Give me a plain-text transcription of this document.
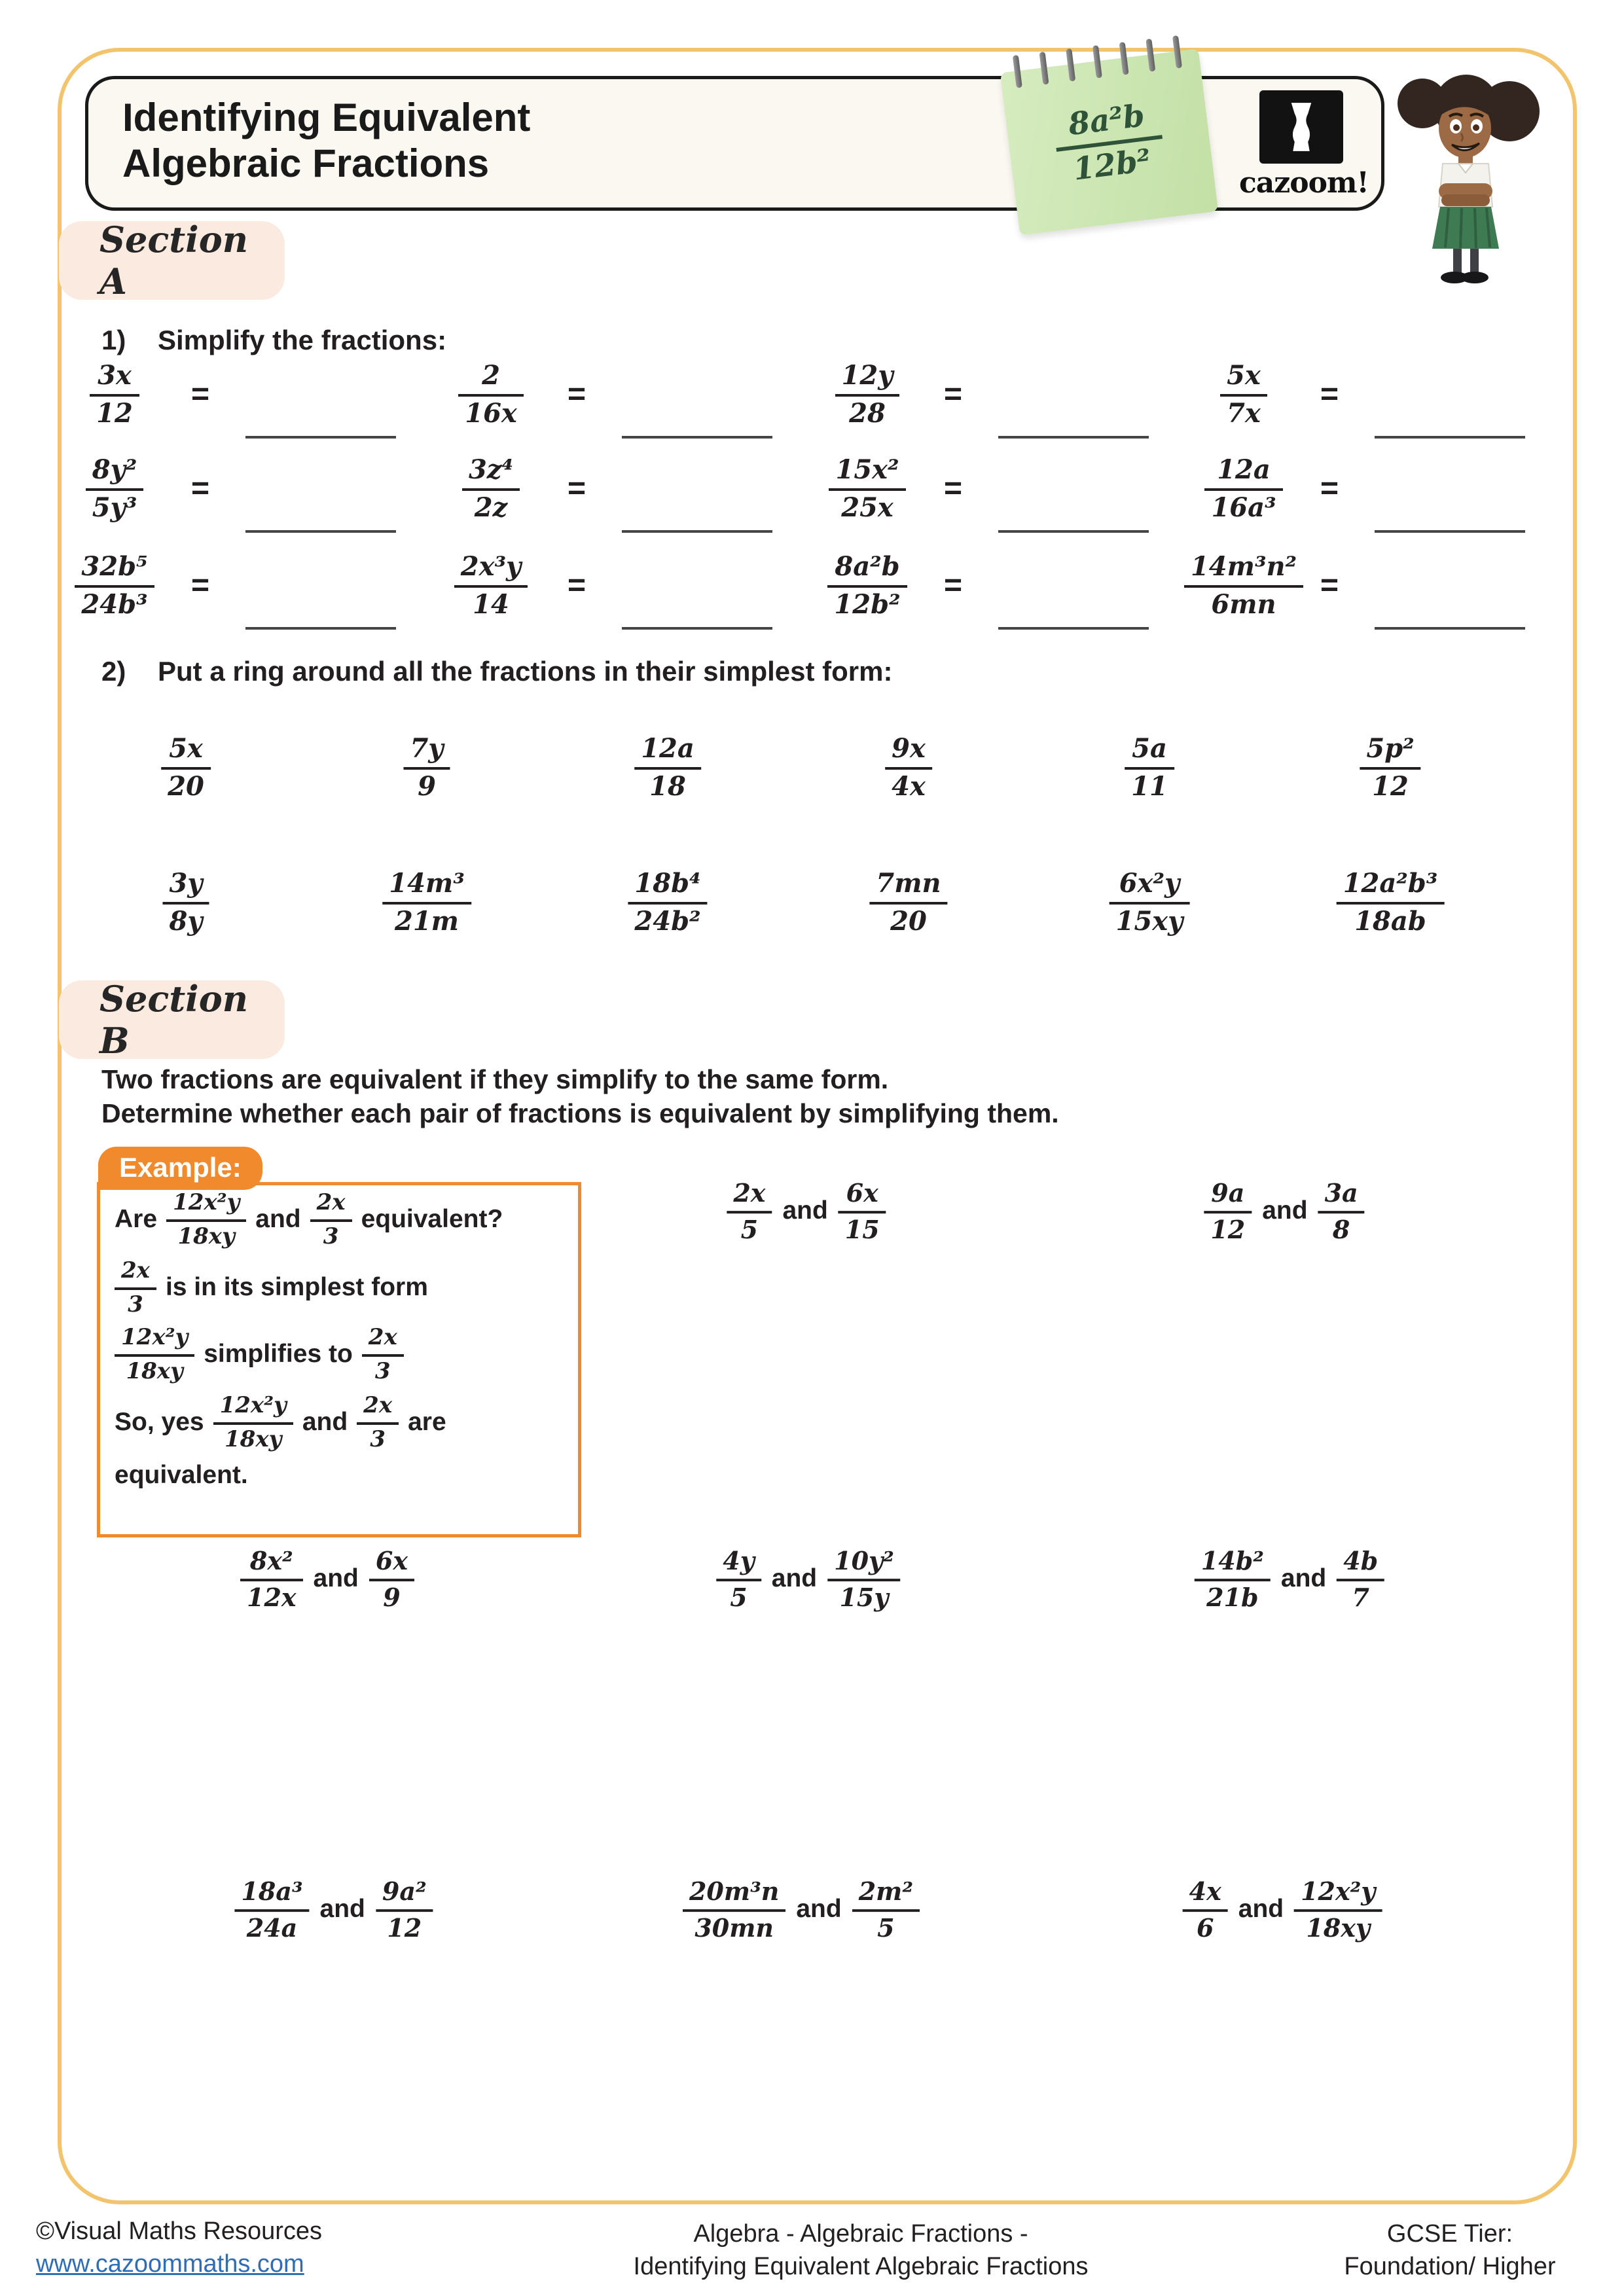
Identifying Equivalent
Algebraic Fractions
8a²b
12b²	cazoom!
Section A
1) Simplify the fractions:
$\frac{3x}{12}$ =	$\frac{2}{16x}$ =	$\frac{12y}{28}$ =	$\frac{5x}{7x}$ =
$\frac{\text{8y²}}{\text{5y³}}$ =	$\frac{\text{3z⁴}}{2z}$ =	$\frac{\text{15x²}}{25x}$ =	$\frac{12a}{\text{16a³}}$ =
$\frac{\text{32b⁵}}{\text{24b³}}$ =	$\frac{\text{2x³y}}{14}$ =	$\frac{\text{8a²b}}{\text{12b²}}$ =	$\frac{\text{14m³n²}}{6mn}$ =
2) Put a ring around all the fractions in their simplest form:
$\frac{5x}{20}$	$\frac{7y}{9}$	$\frac{12a}{18}$	$\frac{9x}{4x}$	$\frac{5a}{11}$	$\frac{\text{5p²}}{12}$
$\frac{3y}{8y}$	$\frac{\text{14m³}}{21m}$	$\frac{\text{18b⁴}}{\text{24b²}}$	$\frac{7mn}{20}$	$\frac{\text{6x²y}}{15xy}$	$\frac{\text{12a²b³}}{18ab}$
Section B
Two fractions are equivalent if they simplify to the same form.
Determine whether each pair of fractions is equivalent by simplifying them.
Example:
Are $\frac{\text{12x²y}}{18xy}$ and $\frac{2x}{3}$ equivalent?
$\frac{2x}{3}$ is in its simplest form
$\frac{\text{12x²y}}{18xy}$ simplifies to $\frac{2x}{3}$
So, yes $\frac{\text{12x²y}}{18xy}$ and $\frac{2x}{3}$ are
equivalent.
$\frac{2x}{5}$ and $\frac{6x}{15}$	$\frac{9a}{12}$ and $\frac{3a}{8}$
$\frac{\text{8x²}}{12x}$ and $\frac{6x}{9}$	$\frac{4y}{5}$ and $\frac{\text{10y²}}{15y}$	$\frac{\text{14b²}}{21b}$ and $\frac{4b}{7}$
$\frac{\text{18a³}}{24a}$ and $\frac{\text{9a²}}{12}$	$\frac{\text{20m³n}}{30mn}$ and $\frac{\text{2m²}}{5}$	$\frac{4x}{6}$ and $\frac{\text{12x²y}}{18xy}$
©Visual Maths Resources
www.cazoommaths.com
Algebra - Algebraic Fractions -
Identifying Equivalent Algebraic Fractions
GCSE Tier:
Foundation/ Higher
